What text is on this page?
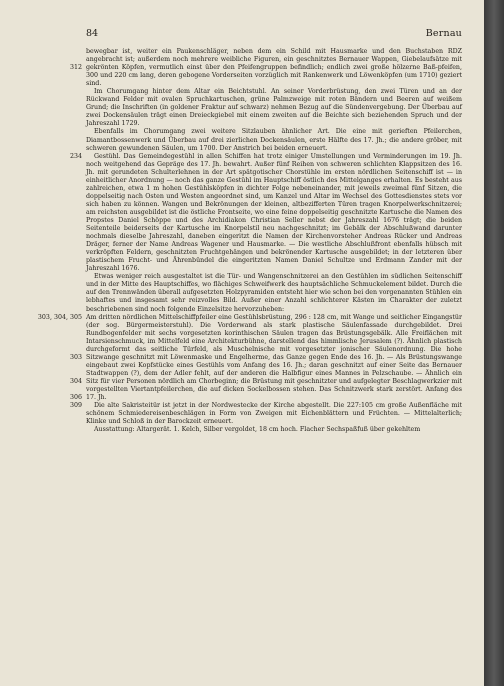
84	Bernau

312
bewegbar ist, weiter ein Paukenschläger, neben dem ein Schild mit Hausmarke und den Buchstaben RDZ angebracht ist; außerdem noch mehrere weibliche Figuren, ein geschnitztes Bernauer Wappen, Giebelaufsätze mit gekrönten Köpfen, vermutlich einst über den Pfeifengruppen befindlich; endlich zwei große hölzerne Baß-pfeifen, 300 und 220 cm lang, deren gebogene Vorderseiten vorzüglich mit Rankenwerk und Löwenköpfen (um 1710) geziert sind.

Im Chorumgang hinter dem Altar ein Beichtstuhl. An seiner Vorderbrüstung, den zwei Türen und an der Rückwand Felder mit ovalen Spruchkartuschen, grüne Palmzweige mit roten Bändern und Beeren auf weißem Grund; die Inschriften (in goldener Fraktur auf schwarz) nehmen Bezug auf die Sündenvergebung. Der Überbau auf zwei Dockensäulen trägt einen Dreieckgiebel mit einem zweiten auf die Beichte sich beziehenden Spruch und der Jahreszahl 1729.

Ebenfalls im Chorumgang zwei weitere Sitzlauben ähnlicher Art. Die eine mit gerieften Pfeilerchen, Diamantbossenwerk und Überbau auf drei zierlichen Dockensäulen, erste Hälfte des 17. Jh.; die andere gröber, mit schweren gewundenen Säulen, um 1700. Der Anstrich bei beiden erneuert.

234 Gestühl. Das Gemeindegestühl in allen Schiffen hat trotz einiger Umstellungen und Verminderungen im 19. Jh. noch weitgehend das Gepräge des 17. Jh. bewahrt. Außer fünf Reihen von schweren schlichten Klappsitzen des 16. Jh. mit gerundeten Schulterlehnen in der Art spätgotischer Chorstühle im ersten nördlichen Seitenschiff ist — in einheitlicher Anordnung — noch das ganze Gestühl im Hauptschiff östlich des Mittelganges erhalten. Es besteht aus zahlreichen, etwa 1 m hohen Gestühlsköpfen in dichter Folge nebeneinander, mit jeweils zweimal fünf Sitzen, die doppelseitig nach Osten und Westen angeordnet sind, um Kanzel und Altar im Wechsel des Gottesdienstes stets vor sich haben zu können. Wangen und Bekrönungen der kleinen, altbezifferten Türen tragen Knorpelwerkschnitzerei; am reichsten ausgebildet ist die östliche Frontseite, wo eine feine doppelseitig geschnitzte Kartusche die Namen des Propstes Daniel Schöppe und des Archidiakon Christian Seller nebst der Jahreszahl 1676 trägt; die beiden Seitenteile beiderseits der Kartusche im Knorpelstil neu nachgeschnitzt; im Gebälk der Abschlußwand darunter nochmals dieselbe Jahreszahl, daneben eingeritzt die Namen der Kirchenvorsteher Andreas Rücker und Andreas Dräger, ferner der Name Andreas Wagener und Hausmarke. — Die westliche Abschlußfront ebenfalls hübsch mit verkröpften Feldern, geschnitzten Fruchtgehängen und bekrönender Kartusche ausgebildet; in der letzteren über plastischem Frucht- und Ährenbündel die eingeritzten Namen Daniel Schultze und Erdmann Zander mit der Jahreszahl 1676.

Etwas weniger reich ausgestaltet ist die Tür- und Wangenschnitzerei an den Gestühlen im südlichen Seitenschiff und in der Mitte des Hauptschiffes, wo flächiges Schweifwerk des hauptsächliche Schmuckelement bildet. Durch die auf den Trennwänden überall aufgesetzten Holzpyramiden entsteht hier wie schon bei den vorgenannten Stühlen ein lebhaftes und insgesamt sehr reizvolles Bild. Außer einer Anzahl schlichterer Kästen im Charakter der zuletzt beschriebenen sind noch folgende Einzelsitze hervorzuheben:

303, 304, 305
303
304
306
Am dritten nördlichen Mittelschiffpfeiler eine Gestühlsbrüstung, 296 : 128 cm, mit Wange und seitlicher Eingangstür (der sog. Bürgermeisterstuhl). Die Vorderwand als stark plastische Säulenfassade durchgebildet. Drei Rundbogenfelder mit sechs vorgesetzten korinthischen Säulen tragen das Brüstungsgebälk. Alle Freiflächen mit Intarsienschmuck, im Mittelfeld eine Architekturbühne, darstellend das himmlische Jerusalem (?). Ähnlich plastisch durchgeformt das seitliche Türfeld, als Muschelnische mit vorgesetzter jonischer Säulenordnung. Die hohe Sitzwange geschnitzt mit Löwenmaske und Engelherme, das Ganze gegen Ende des 16. Jh. — Als Brüstungswange eingebaut zwei Kopfstücke eines Gestühls vom Anfang des 16. Jh.; daran geschnitzt auf einer Seite das Bernauer Stadtwappen (?), dem der Adler fehlt, auf der anderen die Halbfigur eines Mannes in Pelzschaube. — Ähnlich ein Sitz für vier Personen nördlich am Chorbeginn; die Brüstung mit geschnitzter und aufgelegter Beschlagwerkzier mit vorgestellten Viertantpfeilerchen, die auf dicken Sockelbossen stehen. Das Schnitzwerk stark zerstört. Anfang des 17. Jh.

309 Die alte Sakristeitür ist jetzt in der Nordwestecke der Kirche abgestellt. Die 227:105 cm große Außenfläche mit schönem Schmiedereisenbeschlägen in Form von Zweigen mit Eichenblättern und Früchten. — Mittelalterlich; Klinke und Schloß in der Barockzeit erneuert.

Ausstattung: Altargerät. 1. Kelch, Silber vergoldet, 18 cm hoch. Flacher Sechspaßfuß über gekehltem
